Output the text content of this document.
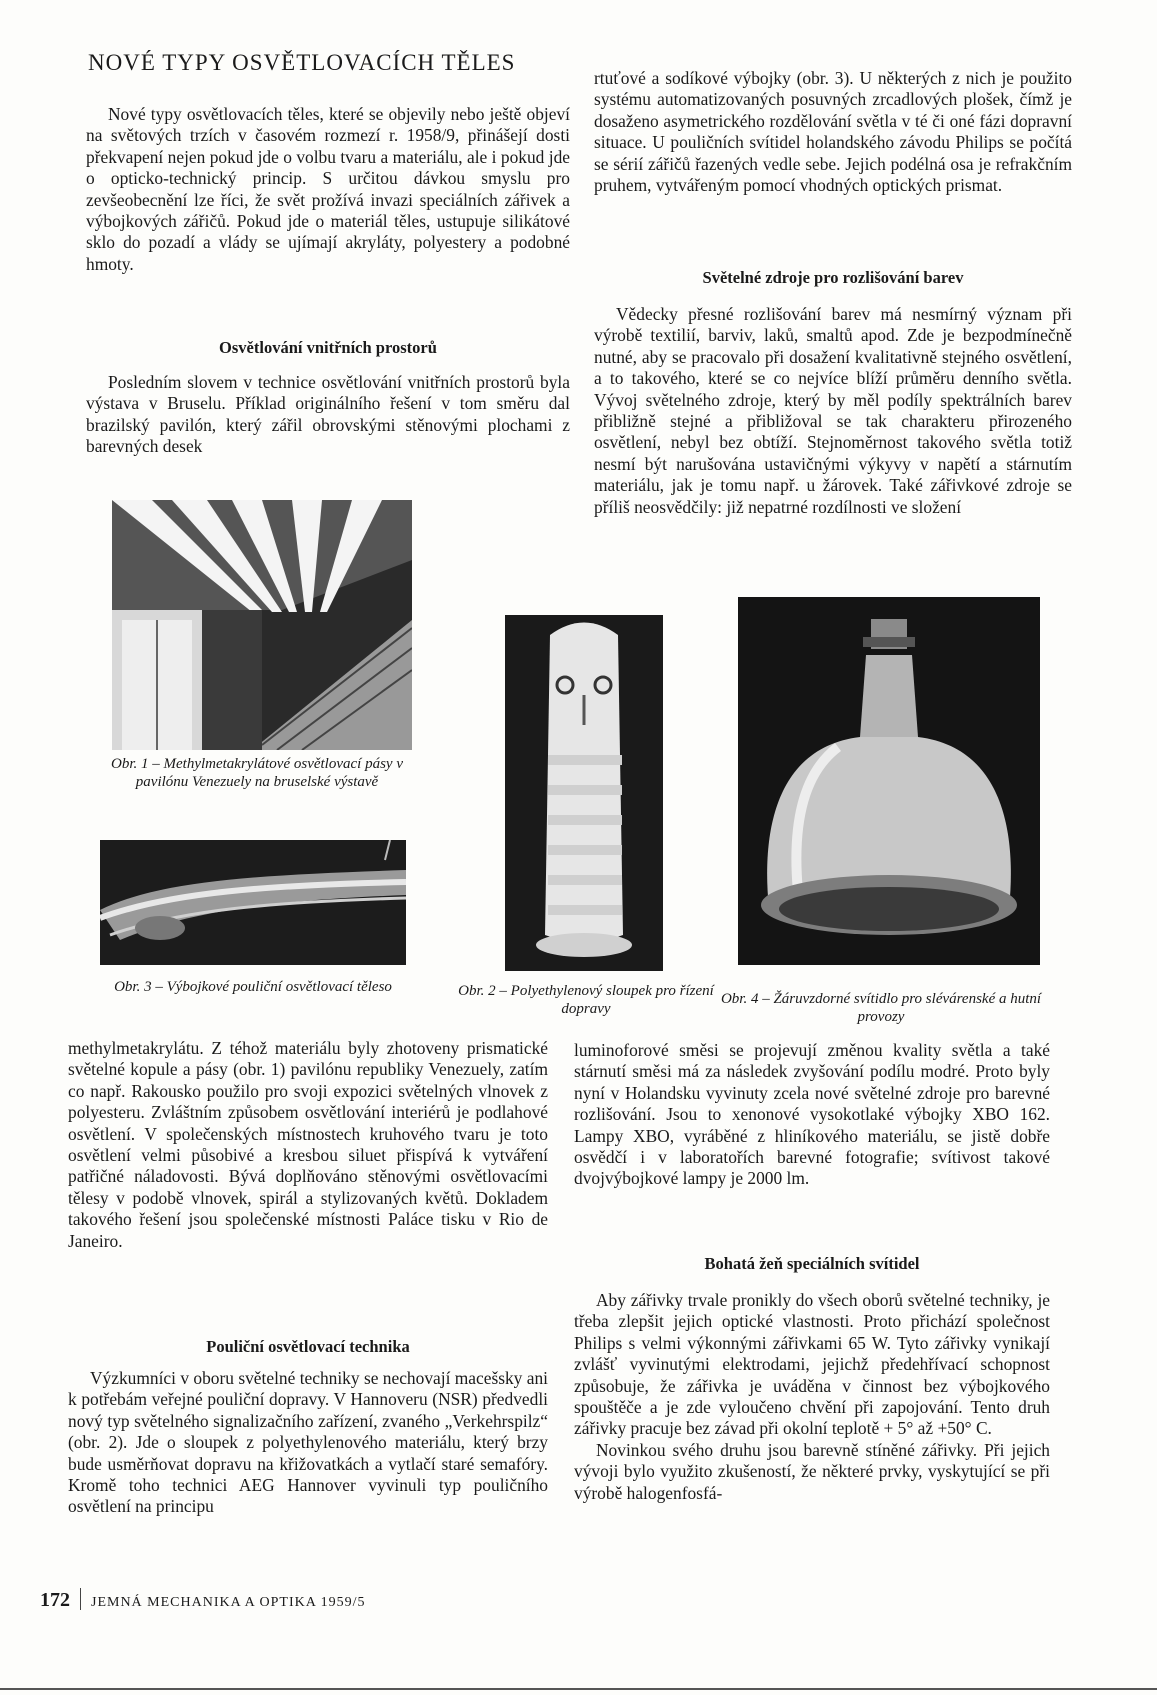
NOVÉ TYPY OSVĚTLOVACÍCH TĚLES

Nové typy osvětlovacích těles, které se objevily nebo ještě objeví na světových trzích v časovém rozmezí r. 1958/9, přinášejí dosti překvapení nejen pokud jde o volbu tvaru a materiálu, ale i pokud jde o opticko-technický princip. S určitou dávkou smyslu pro zevšeobecnění lze říci, že svět prožívá invazi speciálních zářivek a výbojkových zářičů. Pokud jde o materiál těles, ustupuje silikátové sklo do pozadí a vlády se ujímají akryláty, polyestery a podobné hmoty.

Osvětlování vnitřních prostorů

Posledním slovem v technice osvětlování vnitřních prostorů byla výstava v Bruselu. Příklad originálního řešení v tom směru dal brazilský pavilón, který zářil obrovskými stěnovými plochami z barevných desek

rtuťové a sodíkové výbojky (obr. 3). U některých z nich je použito systému automatizovaných posuvných zrcadlových plošek, čímž je dosaženo asymetrického rozdělování světla v té či oné fázi dopravní situace. U pouličních svítidel holandského závodu Philips se počítá se sérií zářičů řazených vedle sebe. Jejich podélná osa je refrakčním pruhem, vytvářeným pomocí vhodných optických prismat.

Světelné zdroje pro rozlišování barev

Vědecky přesné rozlišování barev má nesmírný význam při výrobě textilií, barviv, laků, smaltů apod. Zde je bezpodmínečně nutné, aby se pracovalo při dosažení kvalitativně stejného osvětlení, a to takového, které se co nejvíce blíží průměru denního světla. Vývoj světelného zdroje, který by měl podíly spektrálních barev přibližně stejné a přibližoval se tak charakteru přirozeného osvětlení, nebyl bez obtíží. Stejnoměrnost takového světla totiž nesmí být narušována ustavičnými výkyvy v napětí a stárnutím materiálu, jak je tomu např. u žárovek. Také zářivkové zdroje se příliš neosvědčily: již nepatrné rozdílnosti ve složení

Obr. 1 – Methylmetakrylátové osvětlovací pásy v pavilónu Venezuely na bruselské výstavě
Obr. 3 – Výbojkové pouliční osvětlovací těleso	Obr. 2 – Polyethylenový sloupek pro řízení dopravy
Obr. 4 – Žáruvzdorné svítidlo pro slévárenské a hutní provozy

methylmetakrylátu. Z téhož materiálu byly zhotoveny prismatické světelné kopule a pásy (obr. 1) pavilónu republiky Venezuely, zatím co např. Rakousko použilo pro svoji expozici světelných vlnovek z polyesteru. Zvláštním způsobem osvětlování interiérů je podlahové osvětlení. V společenských místnostech kruhového tvaru je toto osvětlení velmi působivé a kresbou siluet přispívá k vytváření patřičné náladovosti. Bývá doplňováno stěnovými osvětlovacími tělesy v podobě vlnovek, spirál a stylizovaných květů. Dokladem takového řešení jsou společenské místnosti Paláce tisku v Rio de Janeiro.

Pouliční osvětlovací technika

Výzkumníci v oboru světelné techniky se nechovají macešsky ani k potřebám veřejné pouliční dopravy. V Hannoveru (NSR) předvedli nový typ světelného signalizačního zařízení, zvaného „Verkehrspilz“ (obr. 2). Jde o sloupek z polyethylenového materiálu, který brzy bude usměrňovat dopravu na křižovatkách a vytlačí staré semafóry. Kromě toho technici AEG Hannover vyvinuli typ pouličního osvětlení na principu

luminoforové směsi se projevují změnou kvality světla a také stárnutí směsi má za následek zvyšování podílu modré. Proto byly nyní v Holandsku vyvinuty zcela nové světelné zdroje pro barevné rozlišování. Jsou to xenonové vysokotlaké výbojky XBO 162. Lampy XBO, vyráběné z hliníkového materiálu, se jistě dobře osvědčí i v laboratořích barevné fotografie; svítivost takové dvojvýbojkové lampy je 2000 lm.

Bohatá žeň speciálních svítidel

Aby zářivky trvale pronikly do všech oborů světelné techniky, je třeba zlepšit jejich optické vlastnosti. Proto přichází společnost Philips s velmi výkonnými zářivkami 65 W. Tyto zářivky vynikají zvlášť vyvinutými elektrodami, jejichž předehřívací schopnost způsobuje, že zářivka je uváděna v činnost bez výbojkového spouštěče a je zde vyloučeno chvění při zapojování. Tento druh zářivky pracuje bez závad při okolní teplotě + 5° až +50° C.

Novinkou svého druhu jsou barevně stíněné zářivky. Při jejich vývoji bylo využito zkušeností, že některé prvky, vyskytující se při výrobě halogenfosfá-

172 JEMNÁ MECHANIKA A OPTIKA 1959/5
